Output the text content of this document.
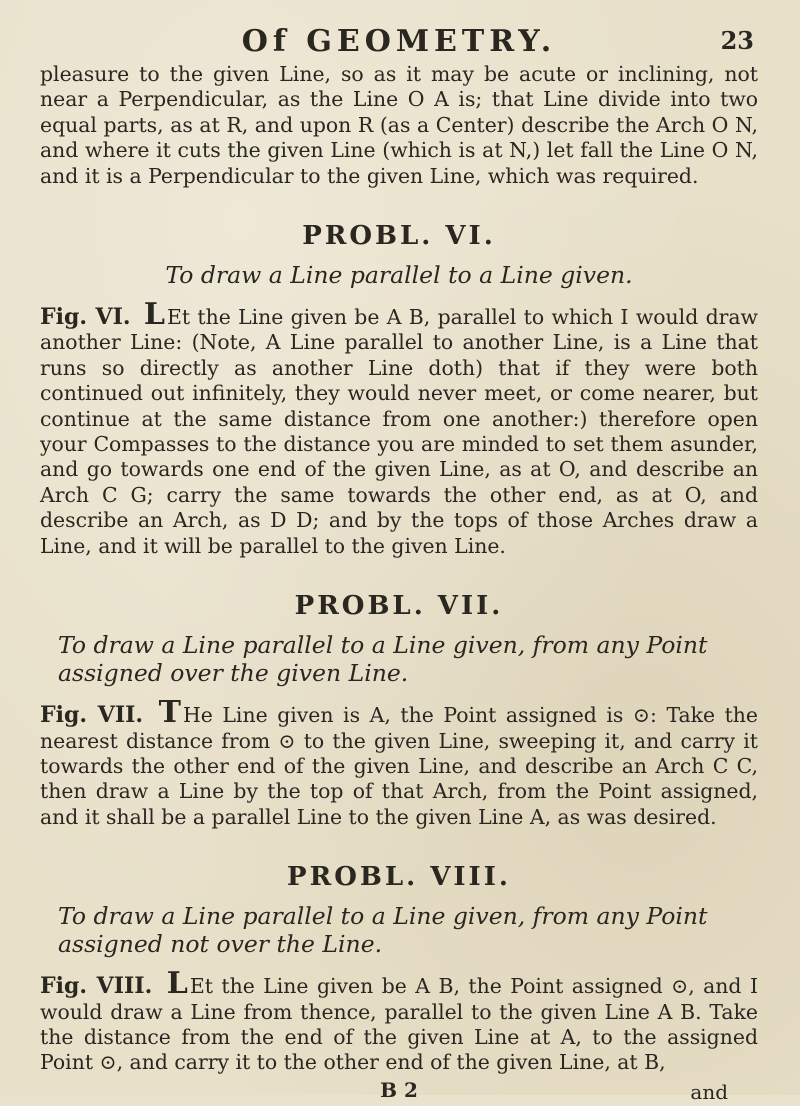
Of GEOMETRY.	23

pleasure to the given Line, so as it may be acute or inclining, not near a Perpendicular, as the Line O A is; that Line divide into two equal parts, as at R, and upon R (as a Center) describe the Arch O N, and where it cuts the given Line (which is at N,) let fall the Line O N, and it is a Perpendicular to the given Line, which was required.

PROBL. VI.
To draw a Line parallel to a Line given.

Fig. VI. LEt the Line given be A B, parallel to which I would draw another Line: (Note, A Line parallel to another Line, is a Line that runs so directly as another Line doth) that if they were both continued out infinitely, they would never meet, or come nearer, but continue at the same distance from one another:) therefore open your Compasses to the distance you are minded to set them asunder, and go towards one end of the given Line, as at O, and describe an Arch C G; carry the same towards the other end, as at O, and describe an Arch, as D D; and by the tops of those Arches draw a Line, and it will be parallel to the given Line.

PROBL. VII.
To draw a Line parallel to a Line given, from any Point assigned over the given Line.

Fig. VII. THe Line given is A, the Point assigned is ⊙: Take the nearest distance from ⊙ to the given Line, sweeping it, and carry it towards the other end of the given Line, and describe an Arch C C, then draw a Line by the top of that Arch, from the Point assigned, and it shall be a parallel Line to the given Line A, as was desired.

PROBL. VIII.
To draw a Line parallel to a Line given, from any Point assigned not over the Line.

Fig. VIII. LEt the Line given be A B, the Point assigned ⊙, and I would draw a Line from thence, parallel to the given Line A B. Take the distance from the end of the given Line at A, to the assigned Point ⊙, and carry it to the other end of the given Line, at B,

B 2	and
